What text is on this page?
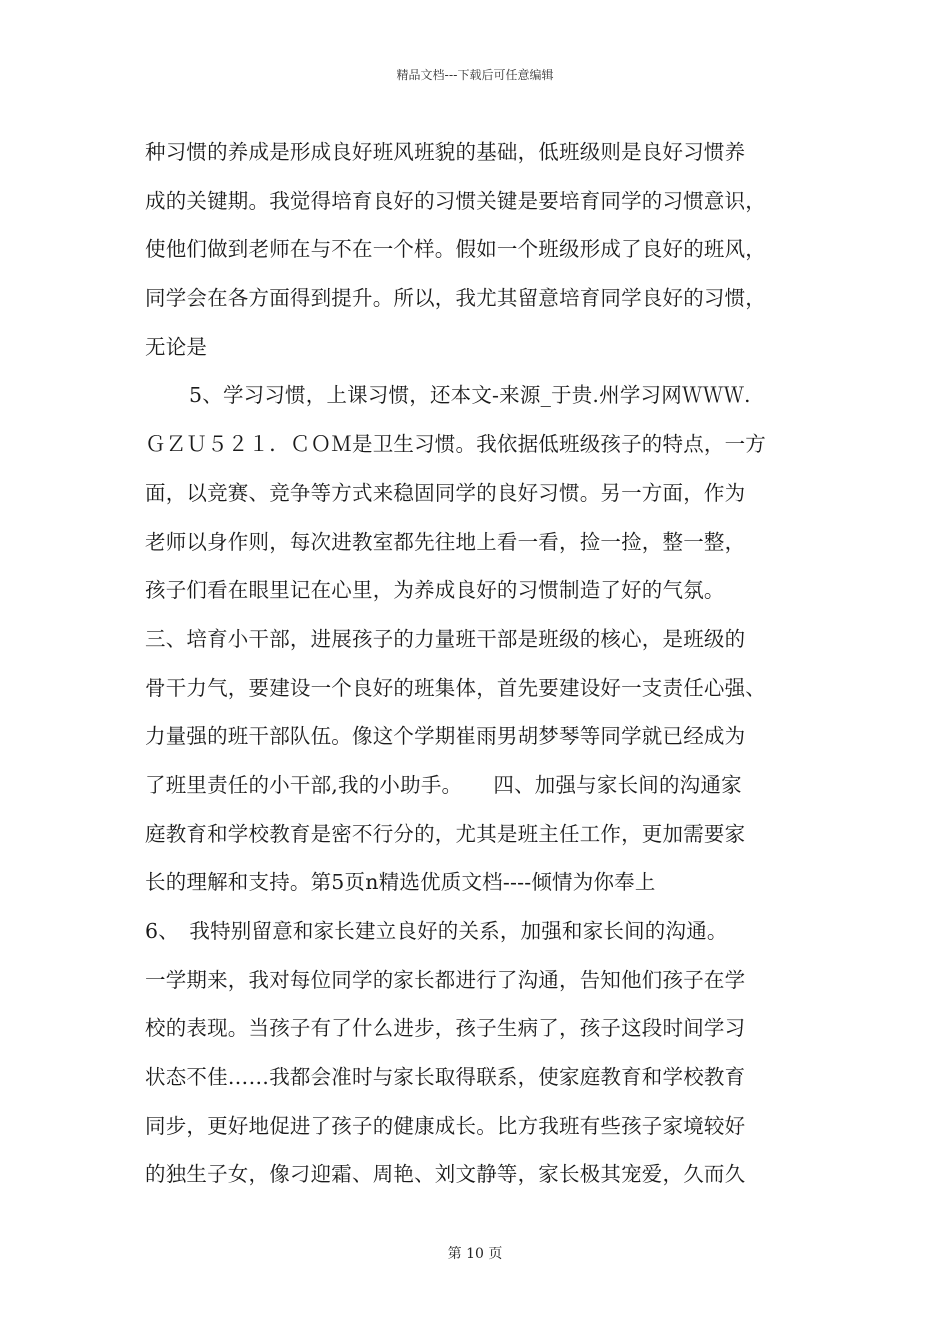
精品文档---下载后可任意编辑
种习惯的养成是形成良好班风班貌的基础，低班级则是良好习惯养
成的关键期。我觉得培育良好的习惯关键是要培育同学的习惯意识，
使他们做到老师在与不在一个样。假如一个班级形成了良好的班风，
同学会在各方面得到提升。所以，我尤其留意培育同学良好的习惯，
无论是
5、学习习惯，上课习惯，还本文-来源_于贵.州学习网ＷＷＷ.
ＧＺＵ５２１．ＣＯＭ是卫生习惯。我依据低班级孩子的特点，一方
面，以竞赛、竞争等方式来稳固同学的良好习惯。另一方面，作为
老师以身作则，每次进教室都先往地上看一看，捡一捡，整一整，
孩子们看在眼里记在心里，为养成良好的习惯制造了好的气氛。
三、培育小干部，进展孩子的力量班干部是班级的核心，是班级的
骨干力气，要建设一个良好的班集体，首先要建设好一支责任心强、
力量强的班干部队伍。像这个学期崔雨男胡梦琴等同学就已经成为
了班里责任的小干部,我的小助手。　　四、加强与家长间的沟通家
庭教育和学校教育是密不行分的，尤其是班主任工作，更加需要家
长的理解和支持。第5页n精选优质文档----倾情为你奉上
6、　我特别留意和家长建立良好的关系，加强和家长间的沟通。
一学期来，我对每位同学的家长都进行了沟通，告知他们孩子在学
校的表现。当孩子有了什么进步，孩子生病了，孩子这段时间学习
状态不佳……我都会准时与家长取得联系，使家庭教育和学校教育
同步，更好地促进了孩子的健康成长。比方我班有些孩子家境较好
的独生子女，像刁迎霜、周艳、刘文静等，家长极其宠爱，久而久
第 10 页
